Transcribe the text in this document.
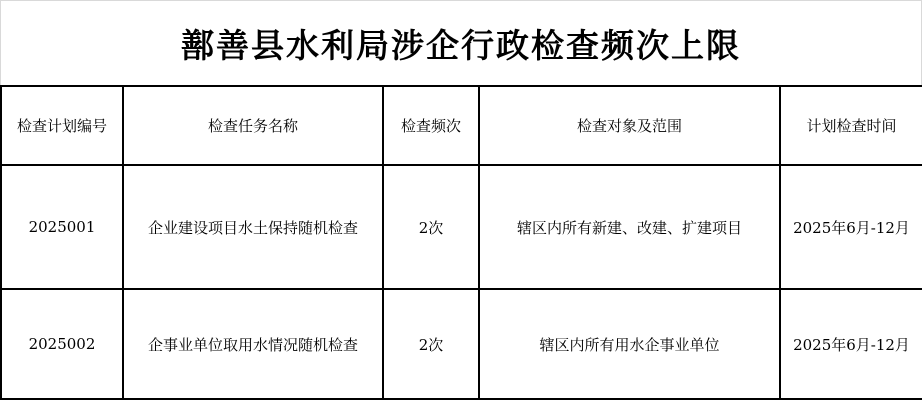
鄯善县水利局涉企行政检查频次上限
检查计划编号	检查任务名称	检查频次	检查对象及范围	计划检查时间
2025001	企业建设项目水土保持随机检查	2次	辖区内所有新建、改建、扩建项目	2025年6月-12月
2025002	企事业单位取用水情况随机检查	2次	辖区内所有用水企事业单位	2025年6月-12月
